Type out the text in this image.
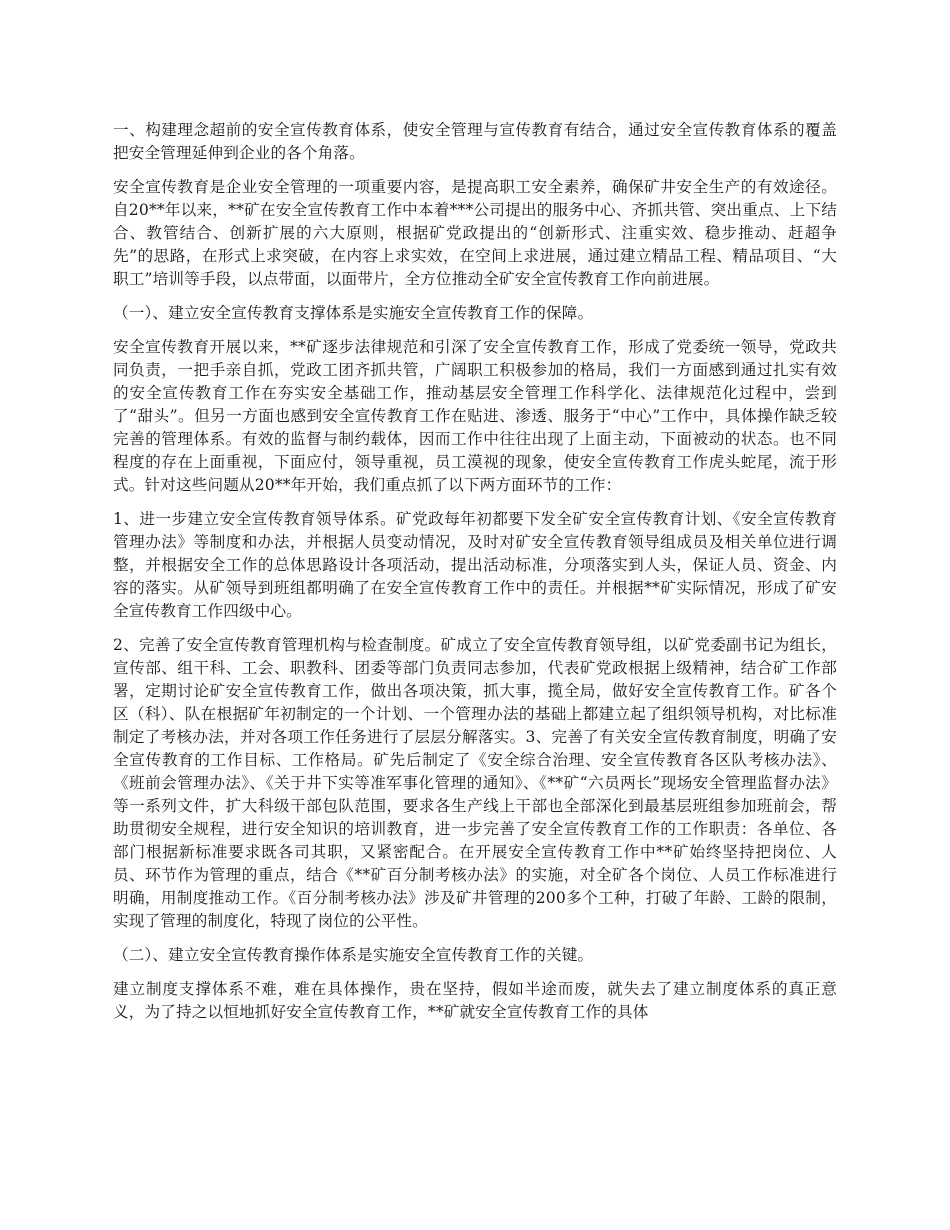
一、构建理念超前的安全宣传教育体系，使安全管理与宣传教育有结合，通过安全宣传教育体系的覆盖把安全管理延伸到企业的各个角落。

安全宣传教育是企业安全管理的一项重要内容，是提高职工安全素养，确保矿井安全生产的有效途径。自20**年以来，**矿在安全宣传教育工作中本着***公司提出的服务中心、齐抓共管、突出重点、上下结合、教管结合、创新扩展的六大原则，根据矿党政提出的“创新形式、注重实效、稳步推动、赶超争先”的思路，在形式上求突破，在内容上求实效，在空间上求进展，通过建立精品工程、精品项目、“大职工”培训等手段，以点带面，以面带片，全方位推动全矿安全宣传教育工作向前进展。

（一）、建立安全宣传教育支撑体系是实施安全宣传教育工作的保障。

安全宣传教育开展以来，**矿逐步法律规范和引深了安全宣传教育工作，形成了党委统一领导，党政共同负责，一把手亲自抓，党政工团齐抓共管，广阔职工积极参加的格局，我们一方面感到通过扎实有效的安全宣传教育工作在夯实安全基础工作，推动基层安全管理工作科学化、法律规范化过程中，尝到了“甜头”。但另一方面也感到安全宣传教育工作在贴进、渗透、服务于“中心”工作中，具体操作缺乏较完善的管理体系。有效的监督与制约载体，因而工作中往往出现了上面主动，下面被动的状态。也不同程度的存在上面重视，下面应付，领导重视，员工漠视的现象，使安全宣传教育工作虎头蛇尾，流于形式。针对这些问题从20**年开始，我们重点抓了以下两方面环节的工作：

1、进一步建立安全宣传教育领导体系。矿党政每年初都要下发全矿安全宣传教育计划、《安全宣传教育管理办法》等制度和办法，并根据人员变动情况，及时对矿安全宣传教育领导组成员及相关单位进行调整，并根据安全工作的总体思路设计各项活动，提出活动标准，分项落实到人头，保证人员、资金、内容的落实。从矿领导到班组都明确了在安全宣传教育工作中的责任。并根据**矿实际情况，形成了矿安全宣传教育工作四级中心。

2、完善了安全宣传教育管理机构与检查制度。矿成立了安全宣传教育领导组，以矿党委副书记为组长，宣传部、组干科、工会、职教科、团委等部门负责同志参加，代表矿党政根据上级精神，结合矿工作部署，定期讨论矿安全宣传教育工作，做出各项决策，抓大事，揽全局，做好安全宣传教育工作。矿各个区（科）、队在根据矿年初制定的一个计划、一个管理办法的基础上都建立起了组织领导机构，对比标准制定了考核办法，并对各项工作任务进行了层层分解落实。3、完善了有关安全宣传教育制度，明确了安全宣传教育的工作目标、工作格局。矿先后制定了《安全综合治理、安全宣传教育各区队考核办法》、《班前会管理办法》、《关于井下实等准军事化管理的通知》、《**矿“六员两长”现场安全管理监督办法》等一系列文件，扩大科级干部包队范围，要求各生产线上干部也全部深化到最基层班组参加班前会，帮助贯彻安全规程，进行安全知识的培训教育，进一步完善了安全宣传教育工作的工作职责：各单位、各部门根据新标准要求既各司其职，又紧密配合。在开展安全宣传教育工作中**矿始终坚持把岗位、人员、环节作为管理的重点，结合《**矿百分制考核办法》的实施，对全矿各个岗位、人员工作标准进行明确，用制度推动工作。《百分制考核办法》涉及矿井管理的200多个工种，打破了年龄、工龄的限制，实现了管理的制度化，特现了岗位的公平性。

（二）、建立安全宣传教育操作体系是实施安全宣传教育工作的关键。

建立制度支撑体系不难，难在具体操作，贵在坚持，假如半途而废，就失去了建立制度体系的真正意义，为了持之以恒地抓好安全宣传教育工作，**矿就安全宣传教育工作的具体
